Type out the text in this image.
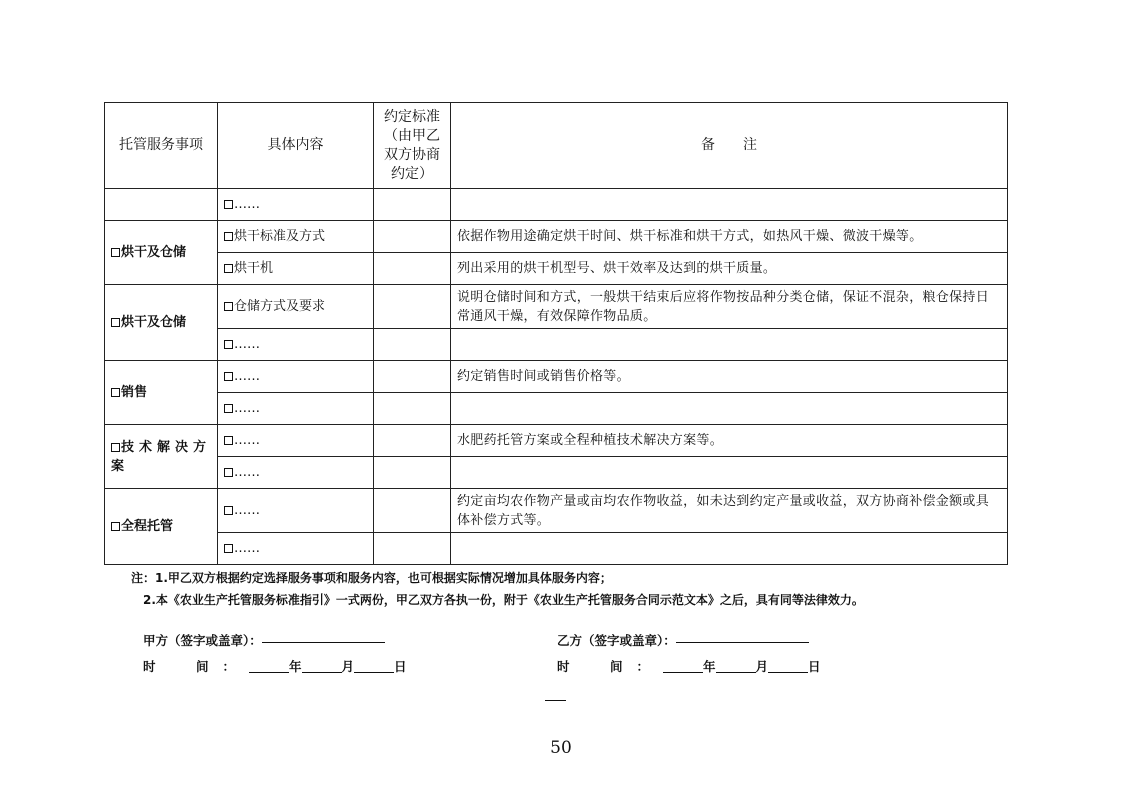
托管服务事项	具体内容	约定标准（由甲乙双方协商约定）	备　　注
	……		
烘干及仓储	烘干标准及方式		依据作物用途确定烘干时间、烘干标准和烘干方式，如热风干燥、微波干燥等。
	烘干机		列出采用的烘干机型号、烘干效率及达到的烘干质量。
烘干及仓储	仓储方式及要求		说明仓储时间和方式，一般烘干结束后应将作物按品种分类仓储，保证不混杂，粮仓保持日常通风干燥，有效保障作物品质。
	……		
销售	……		约定销售时间或销售价格等。
	……		
技术解决方案	……		水肥药托管方案或全程种植技术解决方案等。
	……		
全程托管	……		约定亩均农作物产量或亩均农作物收益，如未达到约定产量或收益，双方协商补偿金额或具体补偿方式等。
	……		
注：1.甲乙双方根据约定选择服务事项和服务内容，也可根据实际情况增加具体服务内容；
2.本《农业生产托管服务标准指引》一式两份，甲乙双方各执一份，附于《农业生产托管服务合同示范文本》之后，具有同等法律效力。
甲方（签字或盖章）：
时　间：	年	月	日
乙方（签字或盖章）：
时　间：	年	月	日
50
